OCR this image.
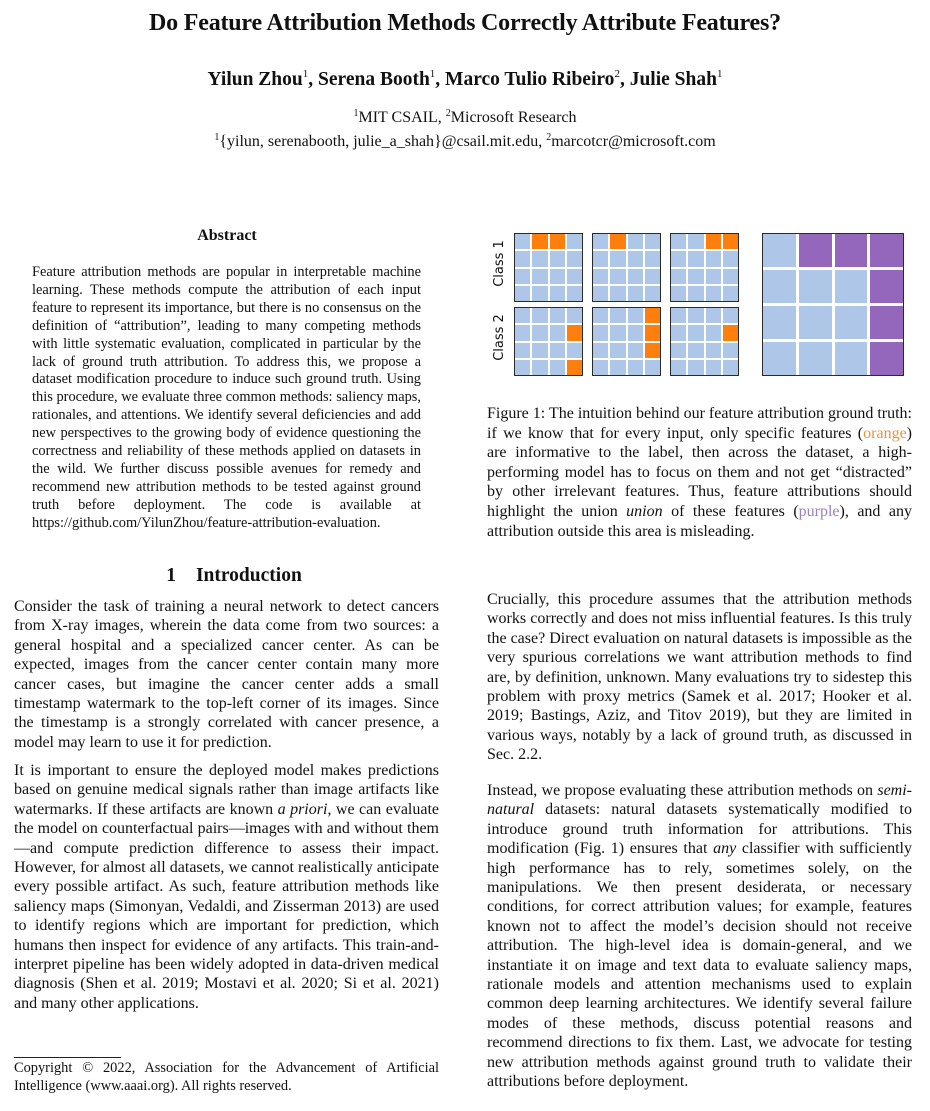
Do Feature Attribution Methods Correctly Attribute Features?
Yilun Zhou$^1$, Serena Booth$^1$, Marco Tulio Ribeiro$^2$, Julie Shah$^1$
$^1$MIT CSAIL, $^2$Microsoft Research
$^1${yilun, serenabooth, julie_a_shah}@csail.mit.edu, $^2$marcotcr@microsoft.com
Abstract
Feature attribution methods are popular in interpretable machine learning. These methods compute the attribution of each input feature to represent its importance, but there is no consensus on the definition of “attribution”, leading to many competing methods with little systematic evaluation, complicated in particular by the lack of ground truth attribution. To address this, we propose a dataset modification procedure to induce such ground truth. Using this procedure, we evaluate three common methods: saliency maps, rationales, and attentions. We identify several deficiencies and add new perspectives to the growing body of evidence questioning the correctness and reliability of these methods applied on datasets in the wild. We further discuss possible avenues for remedy and recommend new attribution methods to be tested against ground truth before deployment. The code is available at https://github.com/YilunZhou/feature-attribution-evaluation.
Class 1
Class 2
Figure 1: The intuition behind our feature attribution ground truth: if we know that for every input, only specific features (orange) are informative to the label, then across the dataset, a high-performing model has to focus on them and not get “distracted” by other irrelevant features. Thus, feature attributions should highlight the union union of these features (purple), and any attribution outside this area is misleading.
1 Introduction
Consider the task of training a neural network to detect cancers from X-ray images, wherein the data come from two sources: a general hospital and a specialized cancer center. As can be expected, images from the cancer center contain many more cancer cases, but imagine the cancer center adds a small timestamp watermark to the top-left corner of its images. Since the timestamp is a strongly correlated with cancer presence, a model may learn to use it for prediction.
It is important to ensure the deployed model makes predictions based on genuine medical signals rather than image artifacts like watermarks. If these artifacts are known a priori, we can evaluate the model on counterfactual pairs—images with and without them—and compute prediction difference to assess their impact. However, for almost all datasets, we cannot realistically anticipate every possible artifact. As such, feature attribution methods like saliency maps (Simonyan, Vedaldi, and Zisserman 2013) are used to identify regions which are important for prediction, which humans then inspect for evidence of any artifacts. This train-and-interpret pipeline has been widely adopted in data-driven medical diagnosis (Shen et al. 2019; Mostavi et al. 2020; Si et al. 2021) and many other applications.
Copyright © 2022, Association for the Advancement of Artificial Intelligence (www.aaai.org). All rights reserved.
Crucially, this procedure assumes that the attribution methods works correctly and does not miss influential features. Is this truly the case? Direct evaluation on natural datasets is impossible as the very spurious correlations we want attribution methods to find are, by definition, unknown. Many evaluations try to sidestep this problem with proxy metrics (Samek et al. 2017; Hooker et al. 2019; Bastings, Aziz, and Titov 2019), but they are limited in various ways, notably by a lack of ground truth, as discussed in Sec. 2.2.
Instead, we propose evaluating these attribution methods on semi-natural datasets: natural datasets systematically modified to introduce ground truth information for attributions. This modification (Fig. 1) ensures that any classifier with sufficiently high performance has to rely, sometimes solely, on the manipulations. We then present desiderata, or necessary conditions, for correct attribution values; for example, features known not to affect the model’s decision should not receive attribution. The high-level idea is domain-general, and we instantiate it on image and text data to evaluate saliency maps, rationale models and attention mechanisms used to explain common deep learning architectures. We identify several failure modes of these methods, discuss potential reasons and recommend directions to fix them. Last, we advocate for testing new attribution methods against ground truth to validate their attributions before deployment.
